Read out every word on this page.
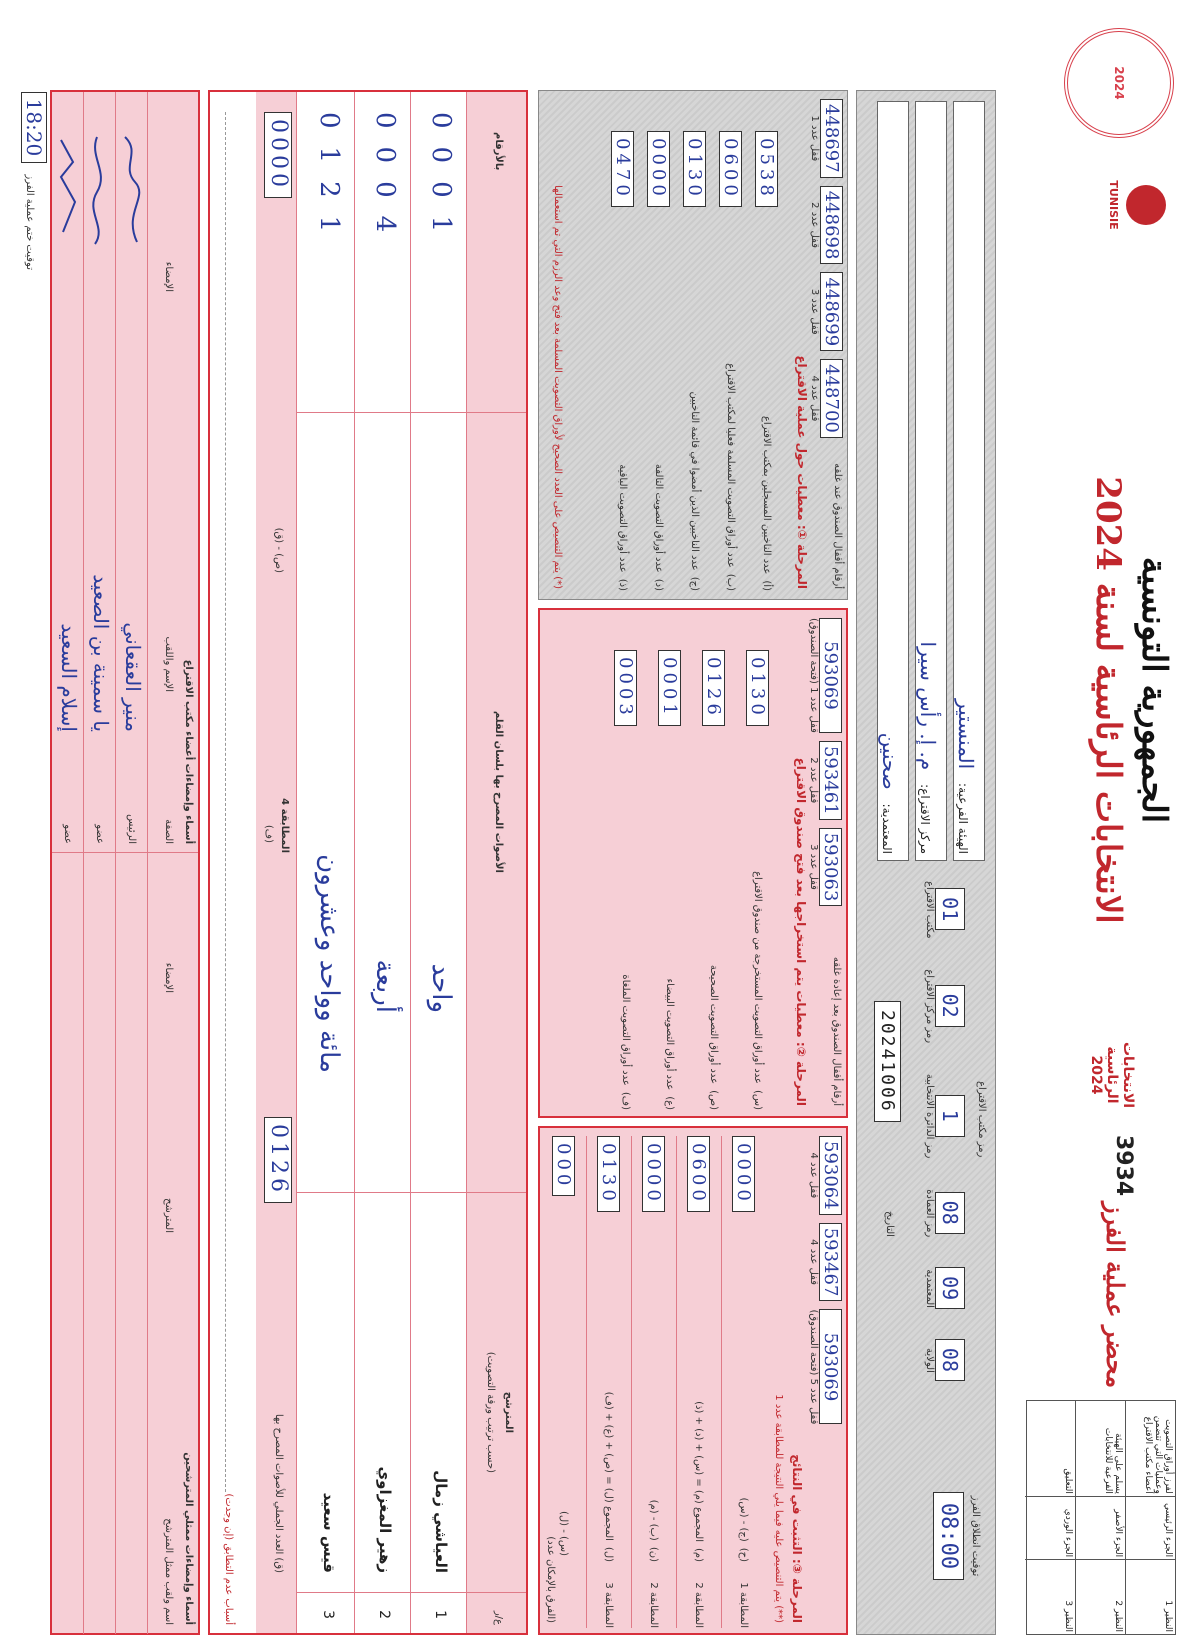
2024
TUNISIE
الجمهورية التونسية
الانتخابات الرئاسية لسنة 2024
الانتخابات الرئاسية 2024
3934
محضر عملية الفرز
النظير 1
الجزء الرئيسي
لفرز أوراق التصويت وعمليات التي تتضمن أعضاء مكتب الاقتراع
النظير 2
الجزء الأصفر
يسلم على الهيئة الفرعية للانتخابات
النظير 3
الجزء الوردي
التعليق
الهيئة الفرعية: المنستير
مركز الاقتراع: م. إ. رأس سيرا
المعتمدية: صحنين
رمز مكتب الاقتراع
01
مكتب الاقتراع
02
رمز مركز الاقتراع
1
رمز الدائرة الانتخابية
08
رمز العمادة
09
المعتمدية
08
الولاية
20241006
التاريخ
توقيت انطلاق الفرز
08:00
المرحلة ①: معطيات حول عملية الاقتراع أرقام أقفال الصندوق عند غلقه
448697
قفل عدد 1
448698
قفل عدد 2
448699
قفل عدد 3
448700
قفل عدد 4
(أ)
عدد الناخبين المسجلين بمكتب الاقتراع
0538
(ب)
عدد أوراق التصويت المسلمة فعليا لمكتب الاقتراع
0600
(ج)
عدد الناخبين الذين أمضوا في قائمة الناخبين
0130
(د)
عدد أوراق التصويت التالفة
0000
(ذ)
عدد أوراق التصويت الباقية
0470
(*) يتم التنصيص على العدد الصحيح لأوراق التصويت المسلمة بعد فتح وعد الرزم التي تم استعمالها
المرحلة ②: معطيات يتم استخراجها بعد فتح صندوق الاقتراع أرقام أقفال الصندوق بعد إعادة غلقه
593069
قفل عدد 1 (فتحة الصندوق)
593461
قفل عدد 2
593063
قفل عدد 3
(س)
عدد أوراق التصويت المستخرجة من صندوق الاقتراع
0130
(ص)
عدد أوراق التصويت الصحيحة
0126
(ع)
عدد أوراق التصويت البيضاء
0001
(ف)
عدد أوراق التصويت الملغاة
0003
المرحلة ③: التثبت في النتائج
593064
قفل عدد 4
593467
قفل عدد 4
593069
قفل عدد 5 (فتحة الصندوق)
(**) يتم التنصيص عليه فيما يلي النتيجة للمطابقة عدد 1
المطابقة 1
(ح)
(ج) - (س)
0000
المطابقة 2
(م)
المجموع (م) = (س) + (د) + (ذ)
0600
المطابقة 2
(ن)
(ب) - (م)
0000
المطابقة 3
(ل)
المجموع (ل) = (ص) + (ع) + (ف)
0130
(س) - (ل)
000
(الفرق بالإمكان عدد)
ع/ر
المترشح
(حسب ترتيب ورقة التصويت)
الأصوات المصرح بها بلسان القلم
بالأرقام
1
العياشي زمال
واحد
0001
2
زهير المغزاوي
أربعة
0004
3
قيس سعيد
مائة وواحد وعشرون
0121
(ق) العدد الجملي للأصوات المصرح بها
0126
المطابقة 4
(ف)
(ص) - (ق)
0000
أسباب عدم التطابق (إن وجدت)
أسماء وإمضاءات ممثلي المترشحين
اسم ولقب ممثل المترشح
المترشح
الإمضاء
أسماء وإمضاءات أعضاء مكتب الاقتراع
الصفة
الإسم واللقب
الإمضاء
الرئيس
منير العقعاني
عضو
يا سمينة بن الصعيد
عضو
إسلام السعيد
توقيت ختم عملية الفرز 18:20
